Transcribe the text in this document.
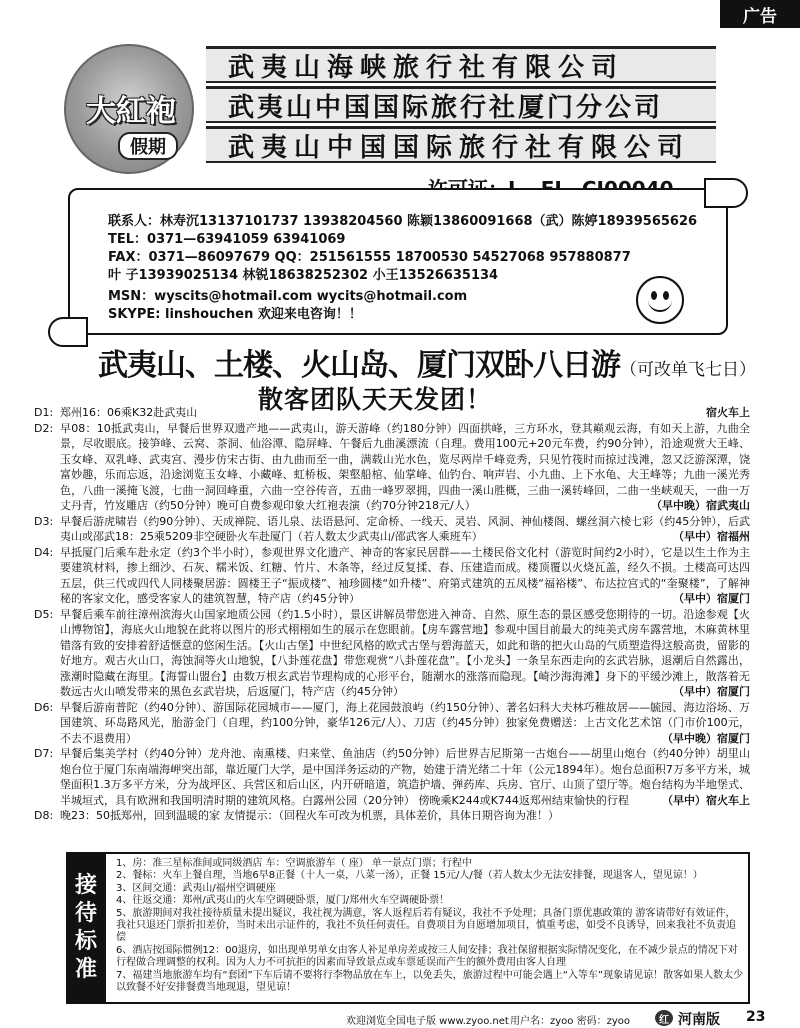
广告
大紅袍
假期
武夷山海峡旅行社有限公司
武夷山中国国际旅行社厦门分公司
武夷山中国国际旅行社有限公司
联系人：林寿沉13137101737 13938204560 陈颖13860091668（武）陈婷18939565626
TEL：0371—63941059 63941069
FAX：0371—86097679 QQ：251561555 18700530 54527068 957880877
叶 子13939025134 林锐18638252302 小王13526635134
MSN：wyscits@hotmail.com wycits@hotmail.com
SKYPE: linshouchen 欢迎来电咨询！！
武夷山、土楼、火山岛、厦门双卧八日游（可改单飞七日）
散客团队天天发团！
D1: 郑州16：06乘K32赴武夷山	宿火车上
D2: 早08：10抵武夷山，早餐后世界双遗产地——武夷山，游天游峰（约180分钟）四面拱峰，三方环水，登其巅观云海，有如天上游，九曲全景，尽收眼底。接笋峰、云窝、茶洞、仙浴潭、隐屏峰、午餐后九曲溪漂流（自理。费用100元+20元车费，约90分钟），沿途观赏大王峰、玉女峰、双乳峰、武夷宫、漫步仿宋古街、由九曲而至一曲，满载山光水色，览尽两岸千峰竞秀，只见竹筏时而掠过浅滩，忽又泛游深潭，饶富妙趣，乐而忘返，沿途浏览玉女峰、小藏峰、虹桥板、架壑船棺、仙掌峰、仙钓台、响声岩、小九曲、上下水龟、大王峰等；九曲一溪光秀色，八曲一溪掩飞渡，七曲一洞回峰重，六曲一空谷传音，五曲一峰罗翠拥，四曲一溪山胜概，三曲一溪转峰回，二曲一坐峡观天，一曲一万丈丹青，竹岌雕店（约50分钟）晚可自费参观印象大红袍表演（约70分钟218元/人）	（早中晚）宿武夷山
D3: 早餐后游虎啸岩（约90分钟）、天成禅院、语儿泉、法语悬河、定命桥、一线天、灵岩、风洞、神仙楼阁、螺丝洞六棱七彩（约45分钟），后武夷山或邵武18：25乘5209非空硬卧火车赴厦门（若人数太少武夷山/邵武客人乘班车）	（早中）宿福州
D4: 早抵厦门后乘车赴永定（约3个半小时），参观世界文化遗产、神奇的客家民居群——土楼民俗文化村（游览时间约2小时），它是以生土作为主要建筑材料，掺上细沙、石灰、糯米饭、红糖、竹片、木条等，经过反复揉、春、压建造而成。楼顶覆以火烧瓦盖，经久不损。土楼高可达四五层，供三代或四代人同楼聚居游：圆楼王子“振成楼”、袖珍圆楼“如升楼”、府第式建筑的五凤楼“福裕楼”、布达拉宫式的“奎聚楼”，了解神秘的客家文化，感受客家人的建筑智慧，特产店（约45分钟）	（早中）宿厦门
D5: 早餐后乘车前往漳州滨海火山国家地质公园（约1.5小时），景区讲解员带您进入神奇、自然、原生态的景区感受您期待的一切。沿途参观【火山博物馆】，海底火山地貌在此将以图片的形式栩栩如生的展示在您眼前。【房车露营地】参观中国目前最大的纯美式房车露营地，木麻黄林里错落有致的安排着舒适惬意的悠闲生活。【火山古堡】中世纪风格的欧式古堡与碧海蓝天，如此和谐的把火山岛的气质塑造得这般高贵，留影的好地方。观古火山口，海蚀洞等火山地貌，【八卦莲花盘】带您观赏“八卦莲花盘”。【小龙头】一条呈东西走向的玄武岩脉，退潮后自然露出，涨潮时隐藏在海里。【海誓山盟台】由数万根玄武岩节理构成的心形平台，随潮水的涨落而隐现。【崎沙海海滩】身下的平缓沙滩上，散落着无数远古火山喷发带来的黑色玄武岩块，后返厦门，特产店（约45分钟）	（早中）宿厦门
D6: 早餐后游南普陀（约40分钟）、游国际花园城市——厦门，海上花园鼓浪屿（约150分钟）、著名妇科大夫林巧稚故居——毓园、海边浴场、万国建筑、环岛路风光，胎游金门（自理，约100分钟，豪华126元/人）、刀店（约45分钟）独家免费赠送：上古文化艺术馆（门市价100元，不去不退费用）	（早中晚）宿厦门
D7: 早餐后集美学村（约40分钟）龙舟池、南熏楼、归来堂、鱼油店（约50分钟）后世界吉尼斯第一古炮台——胡里山炮台（约40分钟）胡里山炮台位于厦门东南端海岬突出部，靠近厦门大学，是中国洋务运动的产物，始建于清光绪二十年（公元1894年）。炮台总面积7万多平方米，城堡面积1.3万多平方米，分为战坪区、兵营区和后山区，内开研暗道，筑造护墙、弹药库、兵房、官厅、山顶了望厅等。炮台结构为半地堡式、半城垣式，具有欧洲和我国明清时期的建筑风格。白露州公园（20分钟） 傍晚乘K244或K744返郑州结束愉快的行程	（早中）宿火车上
D8: 晚23：50抵郑州，回到温暖的家 友情提示：（回程火车可改为机票，具体差价，具体日期咨询为准！）
接
待
标
准
1、房：准三星标准间或同级酒店 车：空调旅游车（ 座） 单一景点门票；行程中
2、餐标：火车上餐自理，当地6早8正餐（十人一桌，八菜一汤），正餐 15元/人/餐（若人数太少无法安排餐，现退客人，望见谅！）
3、区间交通：武夷山/福州空调硬座
4、往返交通：郑州/武夷山的火车空调硬卧票，厦门/郑州火车空调硬卧票！
5、旅游期间对我社接待质量未提出疑议，我社视为满意，客人返程后若有疑议，我社不予处理；具备门票优惠政策的 游客请带好有效证件，我社只退还门票折扣差价，当时未出示证件的，我社不负任何责任。自费项目为自愿增加项目，慎重考虑，如受不良诱导，回来我社不负责追偿
6、酒店按国际惯例12：00退房，如出现单男单女由客人补足单房差或按三人间安排；我社保留根据实际情况变化，在不减少景点的情况下对行程做合理调整的权利。因为人力不可抗拒的因素而导致景点或车票延误而产生的额外费用由客人自理
7、福建当地旅游车均有“套团”下车后请不要将行李物品放在车上，以免丢失，旅游过程中可能会遇上“入等车”现象请见谅！散客如果人数太少以致餐不好安排餐费当地现退，望见谅！
欢迎浏览全国电子版 www.zyoo.net 用户名：zyoo 密码：zyoo	红 河南版 23
